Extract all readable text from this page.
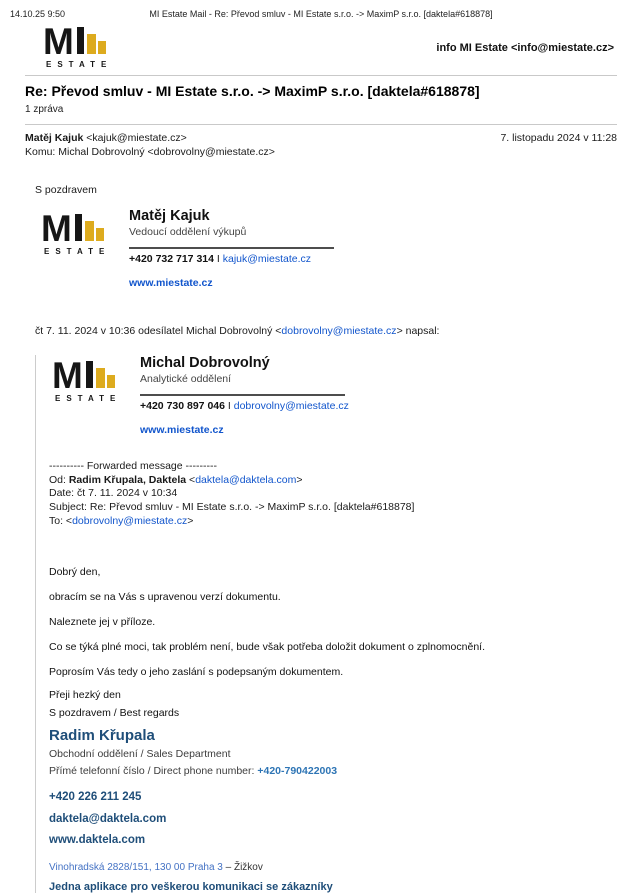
14.10.25 9:50	MI Estate Mail - Re: Převod smluv - MI Estate s.r.o. -> MaximP s.r.o. [daktela#618878]
M
ESTATE
info MI Estate <info@miestate.cz>
Re: Převod smluv - MI Estate s.r.o. -> MaximP s.r.o. [daktela#618878]
1 zpráva
Matěj Kajuk <kajuk@miestate.cz>	7. listopadu 2024 v 11:28
Komu: Michal Dobrovolný <dobrovolny@miestate.cz>
S pozdravem
M
ESTATE

Matěj Kajuk

Vedoucí oddělení výkupů
+420 732 717 314 I kajuk@miestate.cz
www.miestate.cz
čt 7. 11. 2024 v 10:36 odesílatel Michal Dobrovolný <dobrovolny@miestate.cz> napsal:
M
ESTATE

Michal Dobrovolný

Analytické oddělení
+420 730 897 046 I dobrovolny@miestate.cz
www.miestate.cz
---------- Forwarded message ---------
Od: Radim Křupala, Daktela <daktela@daktela.com>
Date: čt 7. 11. 2024 v 10:34
Subject: Re: Převod smluv - MI Estate s.r.o. -> MaximP s.r.o. [daktela#618878]
To: <dobrovolny@miestate.cz>

Dobrý den,

obracím se na Vás s upravenou verzí dokumentu.

Naleznete jej v příloze.

Co se týká plné moci, tak problém není, bude však potřeba doložit dokument o zplnomocnění.

Poprosím Vás tedy o jeho zaslání s podepsaným dokumentem.

Přeji hezký den

S pozdravem / Best regards

Radim Křupala
Obchodní oddělení / Sales Department
Přímé telefonní číslo / Direct phone number: +420-790422003
+420 226 211 245
daktela@daktela.com
www.daktela.com
Vinohradská 2828/151, 130 00 Praha 3 – Žižkov
Jedna aplikace pro veškerou komunikaci se zákazníky
